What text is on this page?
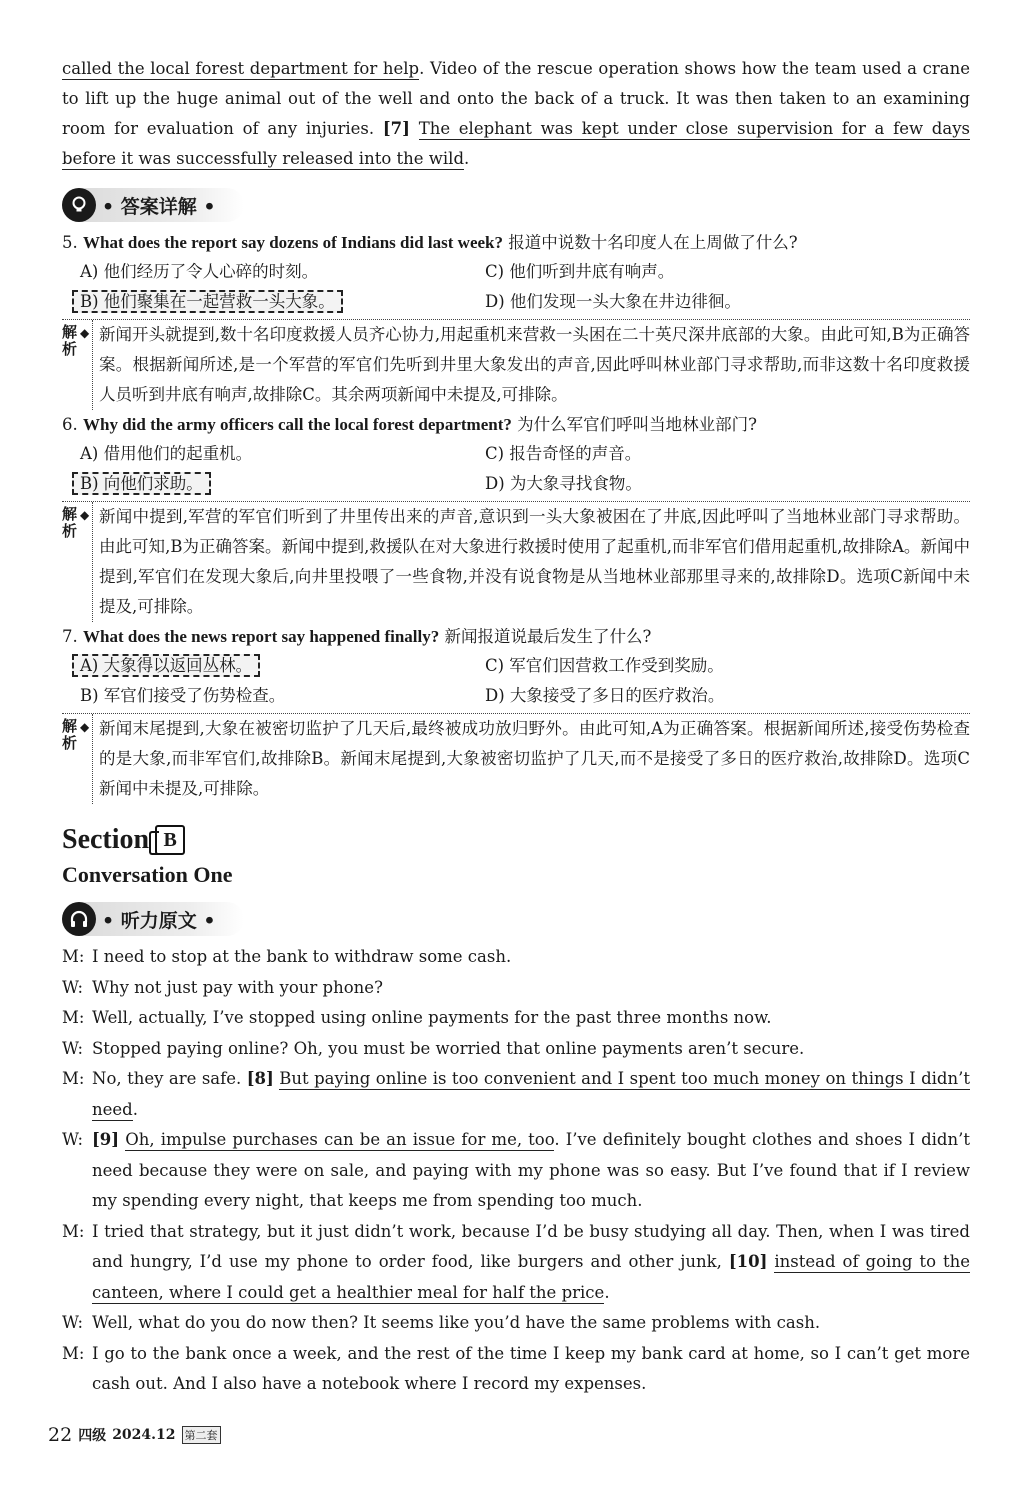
called the local forest department for help. Video of the rescue operation shows how the team used a crane to lift up the huge animal out of the well and onto the back of a truck. It was then taken to an examining room for evaluation of any injuries. [7] The elephant was kept under close supervision for a few days before it was successfully released into the wild.

• 答案详解 •

5. What does the report say dozens of Indians did last week? 报道中说数十名印度人在上周做了什么?

A) 他们经历了令人心碎的时刻。	C) 他们听到井底有响声。
B) 他们聚集在一起营救一头大象。	D) 他们发现一头大象在井边徘徊。
解析
◆ 新闻开头就提到,数十名印度救援人员齐心协力,用起重机来营救一头困在二十英尺深井底部的大象。由此可知,B为正确答案。根据新闻所述,是一个军营的军官们先听到井里大象发出的声音,因此呼叫林业部门寻求帮助,而非这数十名印度救援人员听到井底有响声,故排除C。其余两项新闻中未提及,可排除。

6. Why did the army officers call the local forest department? 为什么军官们呼叫当地林业部门?

A) 借用他们的起重机。	C) 报告奇怪的声音。
B) 向他们求助。	D) 为大象寻找食物。
解析
◆ 新闻中提到,军营的军官们听到了井里传出来的声音,意识到一头大象被困在了井底,因此呼叫了当地林业部门寻求帮助。由此可知,B为正确答案。新闻中提到,救援队在对大象进行救援时使用了起重机,而非军官们借用起重机,故排除A。新闻中提到,军官们在发现大象后,向井里投喂了一些食物,并没有说食物是从当地林业部那里寻来的,故排除D。选项C新闻中未提及,可排除。

7. What does the news report say happened finally? 新闻报道说最后发生了什么?

A) 大象得以返回丛林。	C) 军官们因营救工作受到奖励。
B) 军官们接受了伤势检查。	D) 大象接受了多日的医疗救治。
解析
◆ 新闻末尾提到,大象在被密切监护了几天后,最终被成功放归野外。由此可知,A为正确答案。根据新闻所述,接受伤势检查的是大象,而非军官们,故排除B。新闻末尾提到,大象被密切监护了几天,而不是接受了多日的医疗救治,故排除D。选项C新闻中未提及,可排除。
Section B
Conversation One
• 听力原文 •
M: I need to stop at the bank to withdraw some cash.
W: Why not just pay with your phone?
M: Well, actually, I’ve stopped using online payments for the past three months now.
W: Stopped paying online? Oh, you must be worried that online payments aren’t secure.
M: No, they are safe. [8] But paying online is too convenient and I spent too much money on things I didn’t need.
W: [9] Oh, impulse purchases can be an issue for me, too. I’ve definitely bought clothes and shoes I didn’t need because they were on sale, and paying with my phone was so easy. But I’ve found that if I review my spending every night, that keeps me from spending too much.
M: I tried that strategy, but it just didn’t work, because I’d be busy studying all day. Then, when I was tired and hungry, I’d use my phone to order food, like burgers and other junk, [10] instead of going to the canteen, where I could get a healthier meal for half the price.
W: Well, what do you do now then? It seems like you’d have the same problems with cash.
M: I go to the bank once a week, and the rest of the time I keep my bank card at home, so I can’t get more cash out. And I also have a notebook where I record my expenses.
22 四级 2024.12 第二套
